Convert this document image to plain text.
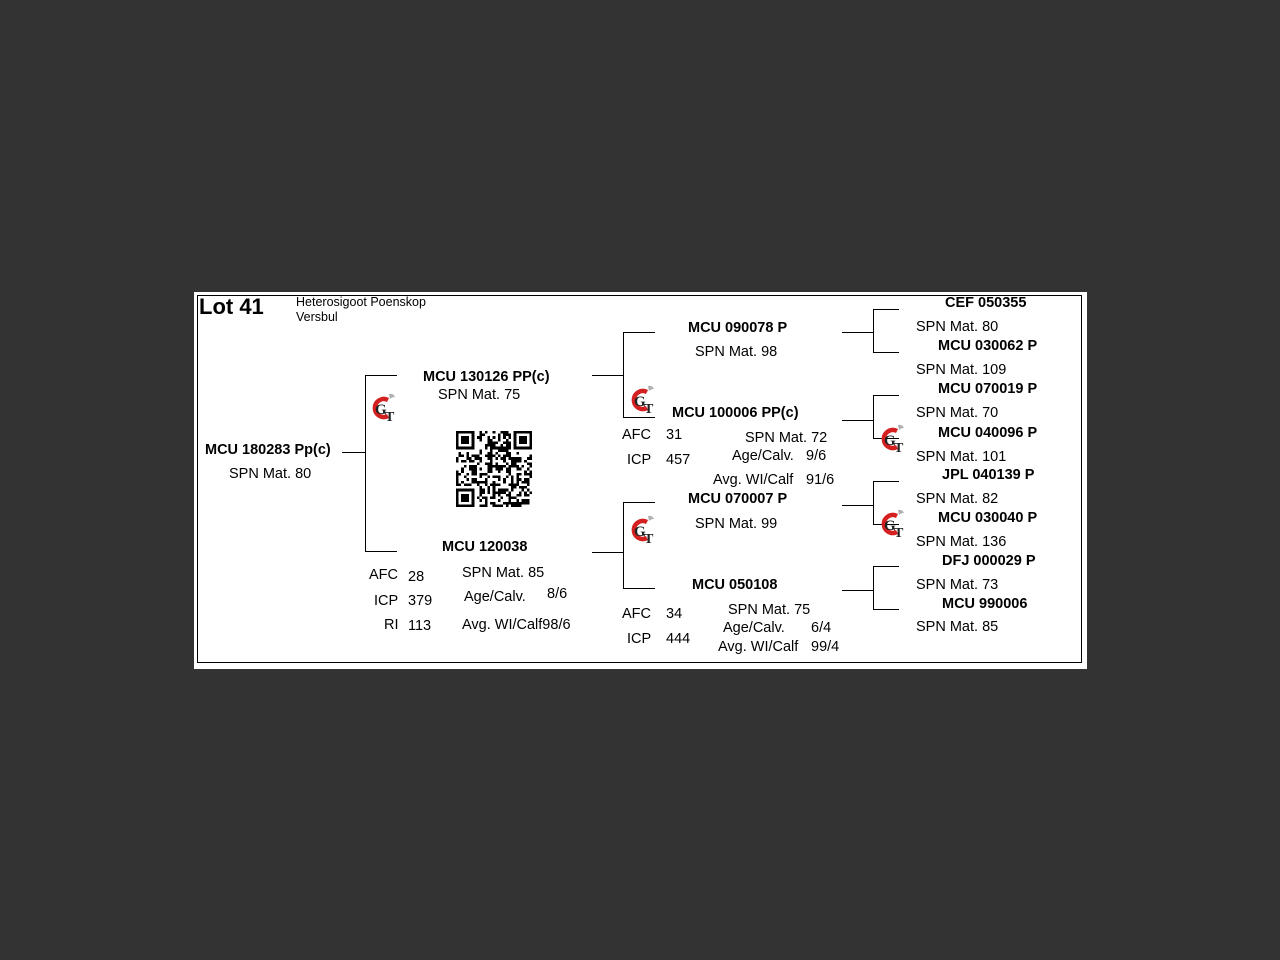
Lot 41	Heterosigoot Poenskop
Versbul
MCU 180283 Pp(c)
SPN Mat. 80
MCU 130126 PP(c)
SPN Mat. 75
MCU 120038
SPN Mat. 85
AFC 28
ICP 379
RI 113
Age/Calv. 8/6
Avg. WI/Calf98/6
MCU 090078 P
SPN Mat. 98
MCU 100006 PP(c)
AFC 31	SPN Mat. 72
Age/Calv. 9/6
ICP 457
Avg. WI/Calf 91/6
MCU 070007 P
SPN Mat. 99
MCU 050108
SPN Mat. 75
AFC 34
Age/Calv. 6/4
ICP 444 Avg. WI/Calf 99/4
CEF 050355
SPN Mat. 80
MCU 030062 P
SPN Mat. 109
MCU 070019 P
SPN Mat. 70
MCU 040096 P
SPN Mat. 101
JPL 040139 P
SPN Mat. 82
MCU 030040 P
SPN Mat. 136
DFJ 000029 P
SPN Mat. 73
MCU 990006
SPN Mat. 85
G
T
G
T
G
T
G
T
G
T
